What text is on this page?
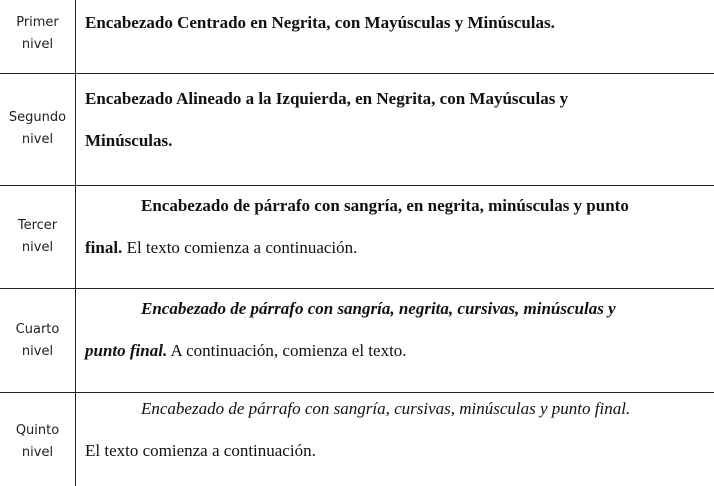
Primer
nivel
Encabezado Centrado en Negrita, con Mayúsculas y Minúsculas.
Segundo
nivel
Encabezado Alineado a la Izquierda, en Negrita, con Mayúsculas y
Minúsculas.
Tercer
nivel
Encabezado de párrafo con sangría, en negrita, minúsculas y punto
final. El texto comienza a continuación.
Cuarto
nivel
Encabezado de párrafo con sangría, negrita, cursivas, minúsculas y
punto final. A continuación, comienza el texto.
Quinto
nivel
Encabezado de párrafo con sangría, cursivas, minúsculas y punto final.
El texto comienza a continuación.
